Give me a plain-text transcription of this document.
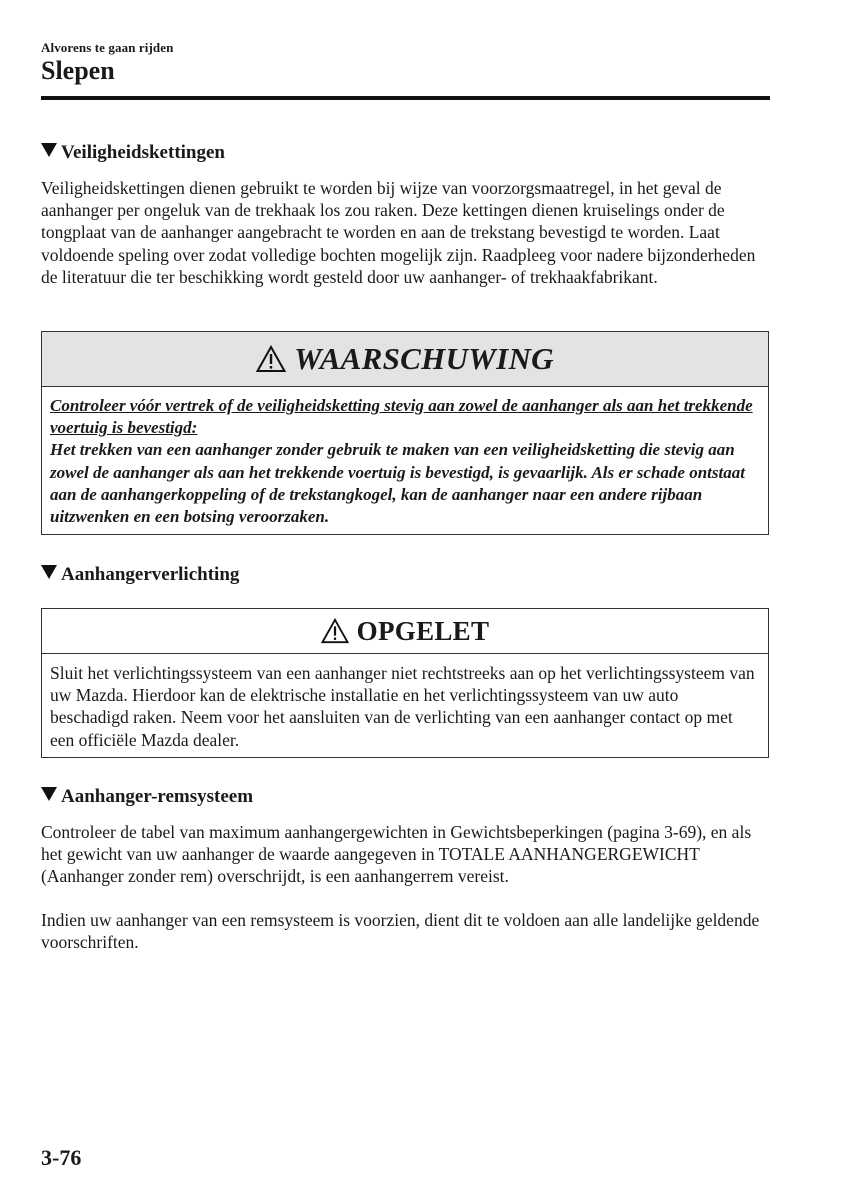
Alvorens te gaan rijden
Slepen
Veiligheidskettingen

Veiligheidskettingen dienen gebruikt te worden bij wijze van voorzorgsmaatregel, in het geval de aanhanger per ongeluk van de trekhaak los zou raken. Deze kettingen dienen kruiselings onder de tongplaat van de aanhanger aangebracht te worden en aan de trekstang bevestigd te worden. Laat voldoende speling over zodat volledige bochten mogelijk zijn. Raadpleeg voor nadere bijzonderheden de literatuur die ter beschikking wordt gesteld door uw aanhanger- of trekhaakfabrikant.

WAARSCHUWING
Controleer vóór vertrek of de veiligheidsketting stevig aan zowel de aanhanger als aan het trekkende voertuig is bevestigd:
Het trekken van een aanhanger zonder gebruik te maken van een veiligheidsketting die stevig aan zowel de aanhanger als aan het trekkende voertuig is bevestigd, is gevaarlijk. Als er schade ontstaat aan de aanhangerkoppeling of de trekstangkogel, kan de aanhanger naar een andere rijbaan uitzwenken en een botsing veroorzaken.
Aanhangerverlichting
OPGELET
Sluit het verlichtingssysteem van een aanhanger niet rechtstreeks aan op het verlichtingssysteem van uw Mazda. Hierdoor kan de elektrische installatie en het verlichtingssysteem van uw auto beschadigd raken. Neem voor het aansluiten van de verlichting van een aanhanger contact op met een officiële Mazda dealer.
Aanhanger-remsysteem

Controleer de tabel van maximum aanhangergewichten in Gewichtsbeperkingen (pagina 3-69), en als het gewicht van uw aanhanger de waarde aangegeven in TOTALE AANHANGERGEWICHT (Aanhanger zonder rem) overschrijdt, is een aanhangerrem vereist.

Indien uw aanhanger van een remsysteem is voorzien, dient dit te voldoen aan alle landelijke geldende voorschriften.

3-76
